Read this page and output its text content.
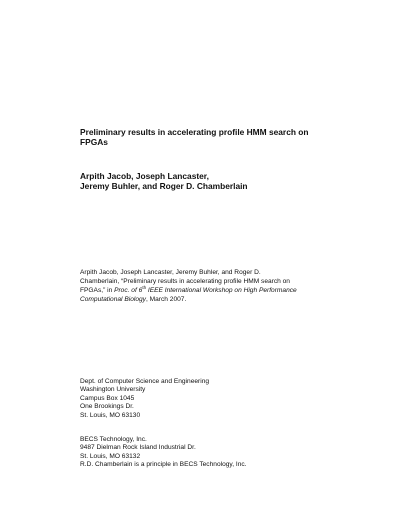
Preliminary results in accelerating profile HMM search on
FPGAs
Arpith Jacob, Joseph Lancaster,
Jeremy Buhler, and Roger D. Chamberlain
Arpith Jacob, Joseph Lancaster, Jeremy Buhler, and Roger D.
Chamberlain, “Preliminary results in accelerating profile HMM search on
FPGAs,” in Proc. of 6th IEEE International Workshop on High Performance
Computational Biology, March 2007.
Dept. of Computer Science and Engineering
Washington University
Campus Box 1045
One Brookings Dr.
St. Louis, MO 63130
BECS Technology, Inc.
9487 Dielman Rock Island Industrial Dr.
St. Louis, MO 63132
R.D. Chamberlain is a principle in BECS Technology, Inc.
